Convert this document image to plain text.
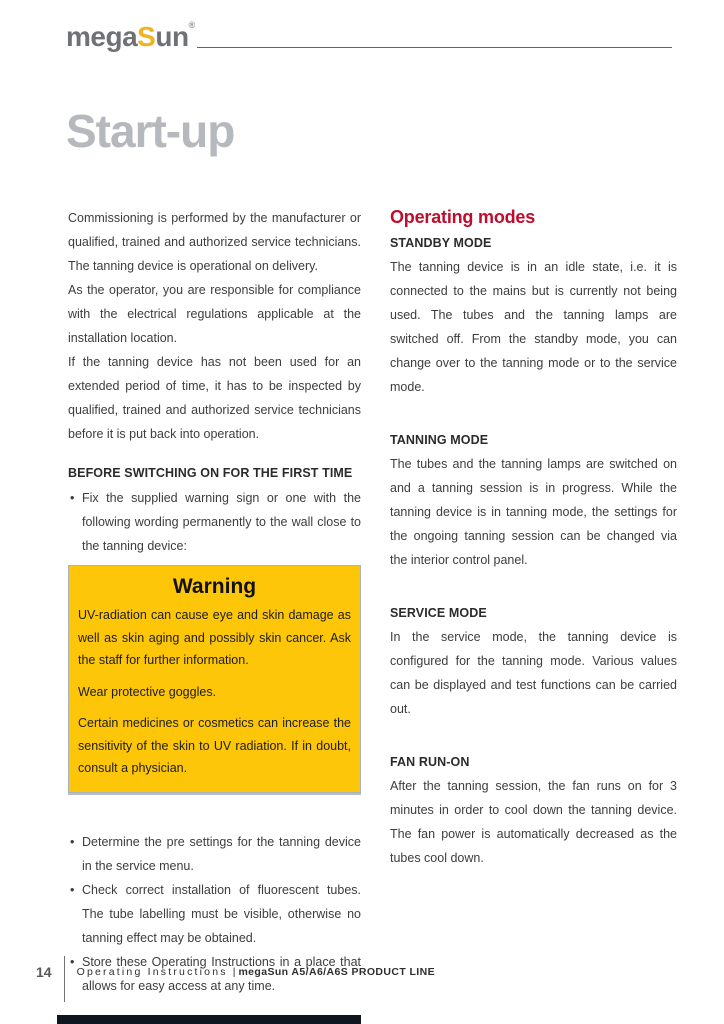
megaSun®
Start-up

Commissioning is performed by the manufacturer or qualified, trained and authorized service technicians. The tanning device is operational on delivery.

As the operator, you are responsible for compliance with the electrical regulations applicable at the installation location.

If the tanning device has not been used for an extended period of time, it has to be inspected by qualified, trained and authorized service technicians before it is put back into operation.

BEFORE SWITCHING ON FOR THE FIRST TIME
• Fix the supplied warning sign or one with the following wording permanently to the wall close to the tanning device:
Warning

UV-radiation can cause eye and skin damage as well as skin aging and possibly skin cancer. Ask the staff for further information.

Wear protective goggles.

Certain medicines or cosmetics can increase the sensitivity of the skin to UV radiation. If in doubt, consult a physician.

• Determine the pre settings for the tanning device in the service menu.
• Check correct installation of fluorescent tubes. The tube labelling must be visible, otherwise no tanning effect may be obtained.
• Store these Operating Instructions in a place that allows for easy access at any time.
Operating modes
STANDBY MODE

The tanning device is in an idle state, i.e. it is connected to the mains but is currently not being used. The tubes and the tanning lamps are switched off. From the standby mode, you can change over to the tanning mode or to the service mode.

TANNING MODE

The tubes and the tanning lamps are switched on and a tanning session is in progress. While the tanning device is in tanning mode, the settings for the ongoing tanning session can be changed via the interior control panel.

SERVICE MODE

In the service mode, the tanning device is configured for the tanning mode. Various values can be displayed and test functions can be carried out.

FAN RUN-ON

After the tanning session, the fan runs on for 3 minutes in order to cool down the tanning device. The fan power is automatically decreased as the tubes cool down.

14 Operating Instructions | megaSun A5/A6/A6S PRODUCT LINE
